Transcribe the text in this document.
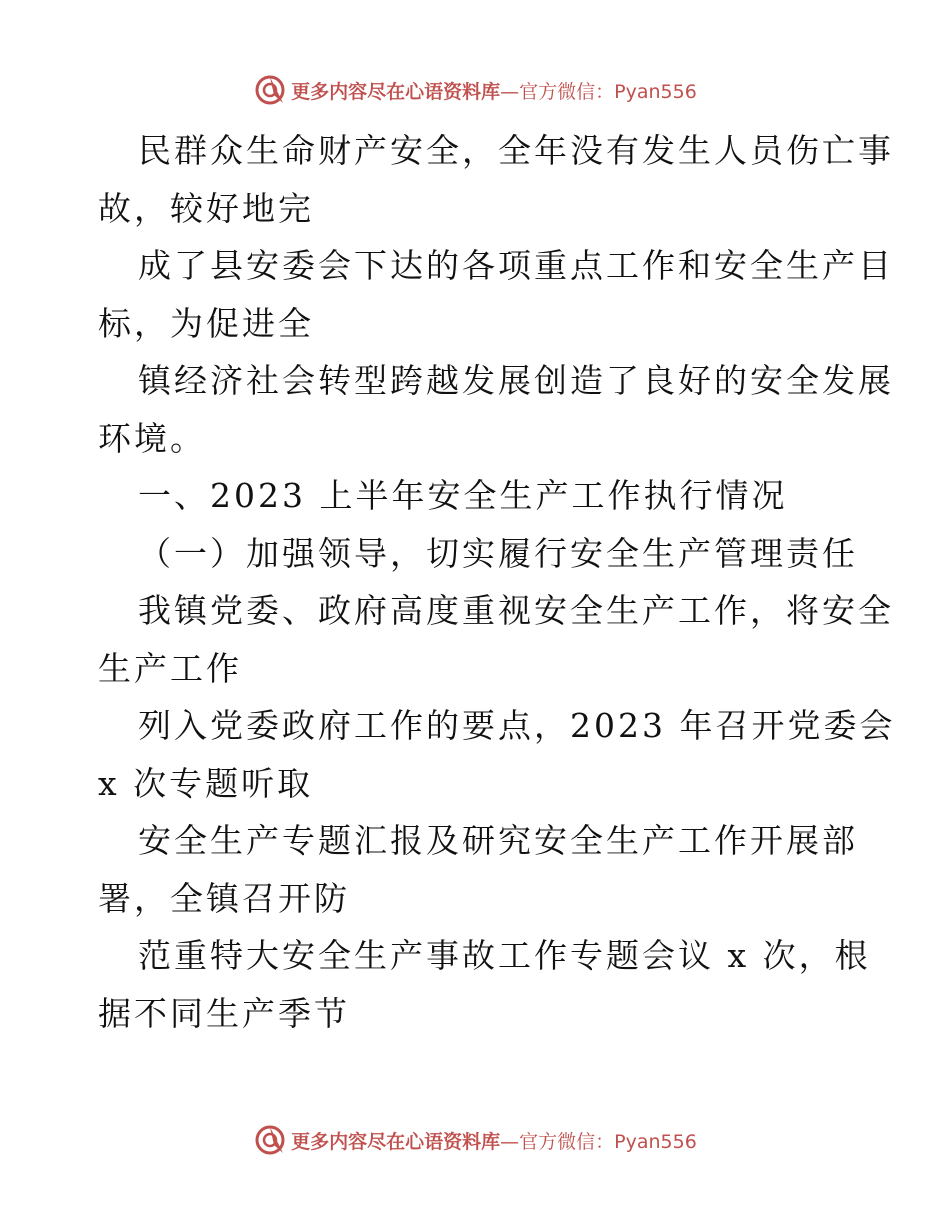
更多内容尽在心语资料库 —官方微信：Pyan556
民群众生命财产安全，全年没有发生人员伤亡事
故，较好地完
成了县安委会下达的各项重点工作和安全生产目
标，为促进全
镇经济社会转型跨越发展创造了良好的安全发展
环境。
一、2023 上半年安全生产工作执行情况
（一）加强领导，切实履行安全生产管理责任
我镇党委、政府高度重视安全生产工作，将安全
生产工作
列入党委政府工作的要点，2023 年召开党委会
x 次专题听取
安全生产专题汇报及研究安全生产工作开展部
署，全镇召开防
范重特大安全生产事故工作专题会议 x 次，根
据不同生产季节
更多内容尽在心语资料库 —官方微信：Pyan556
